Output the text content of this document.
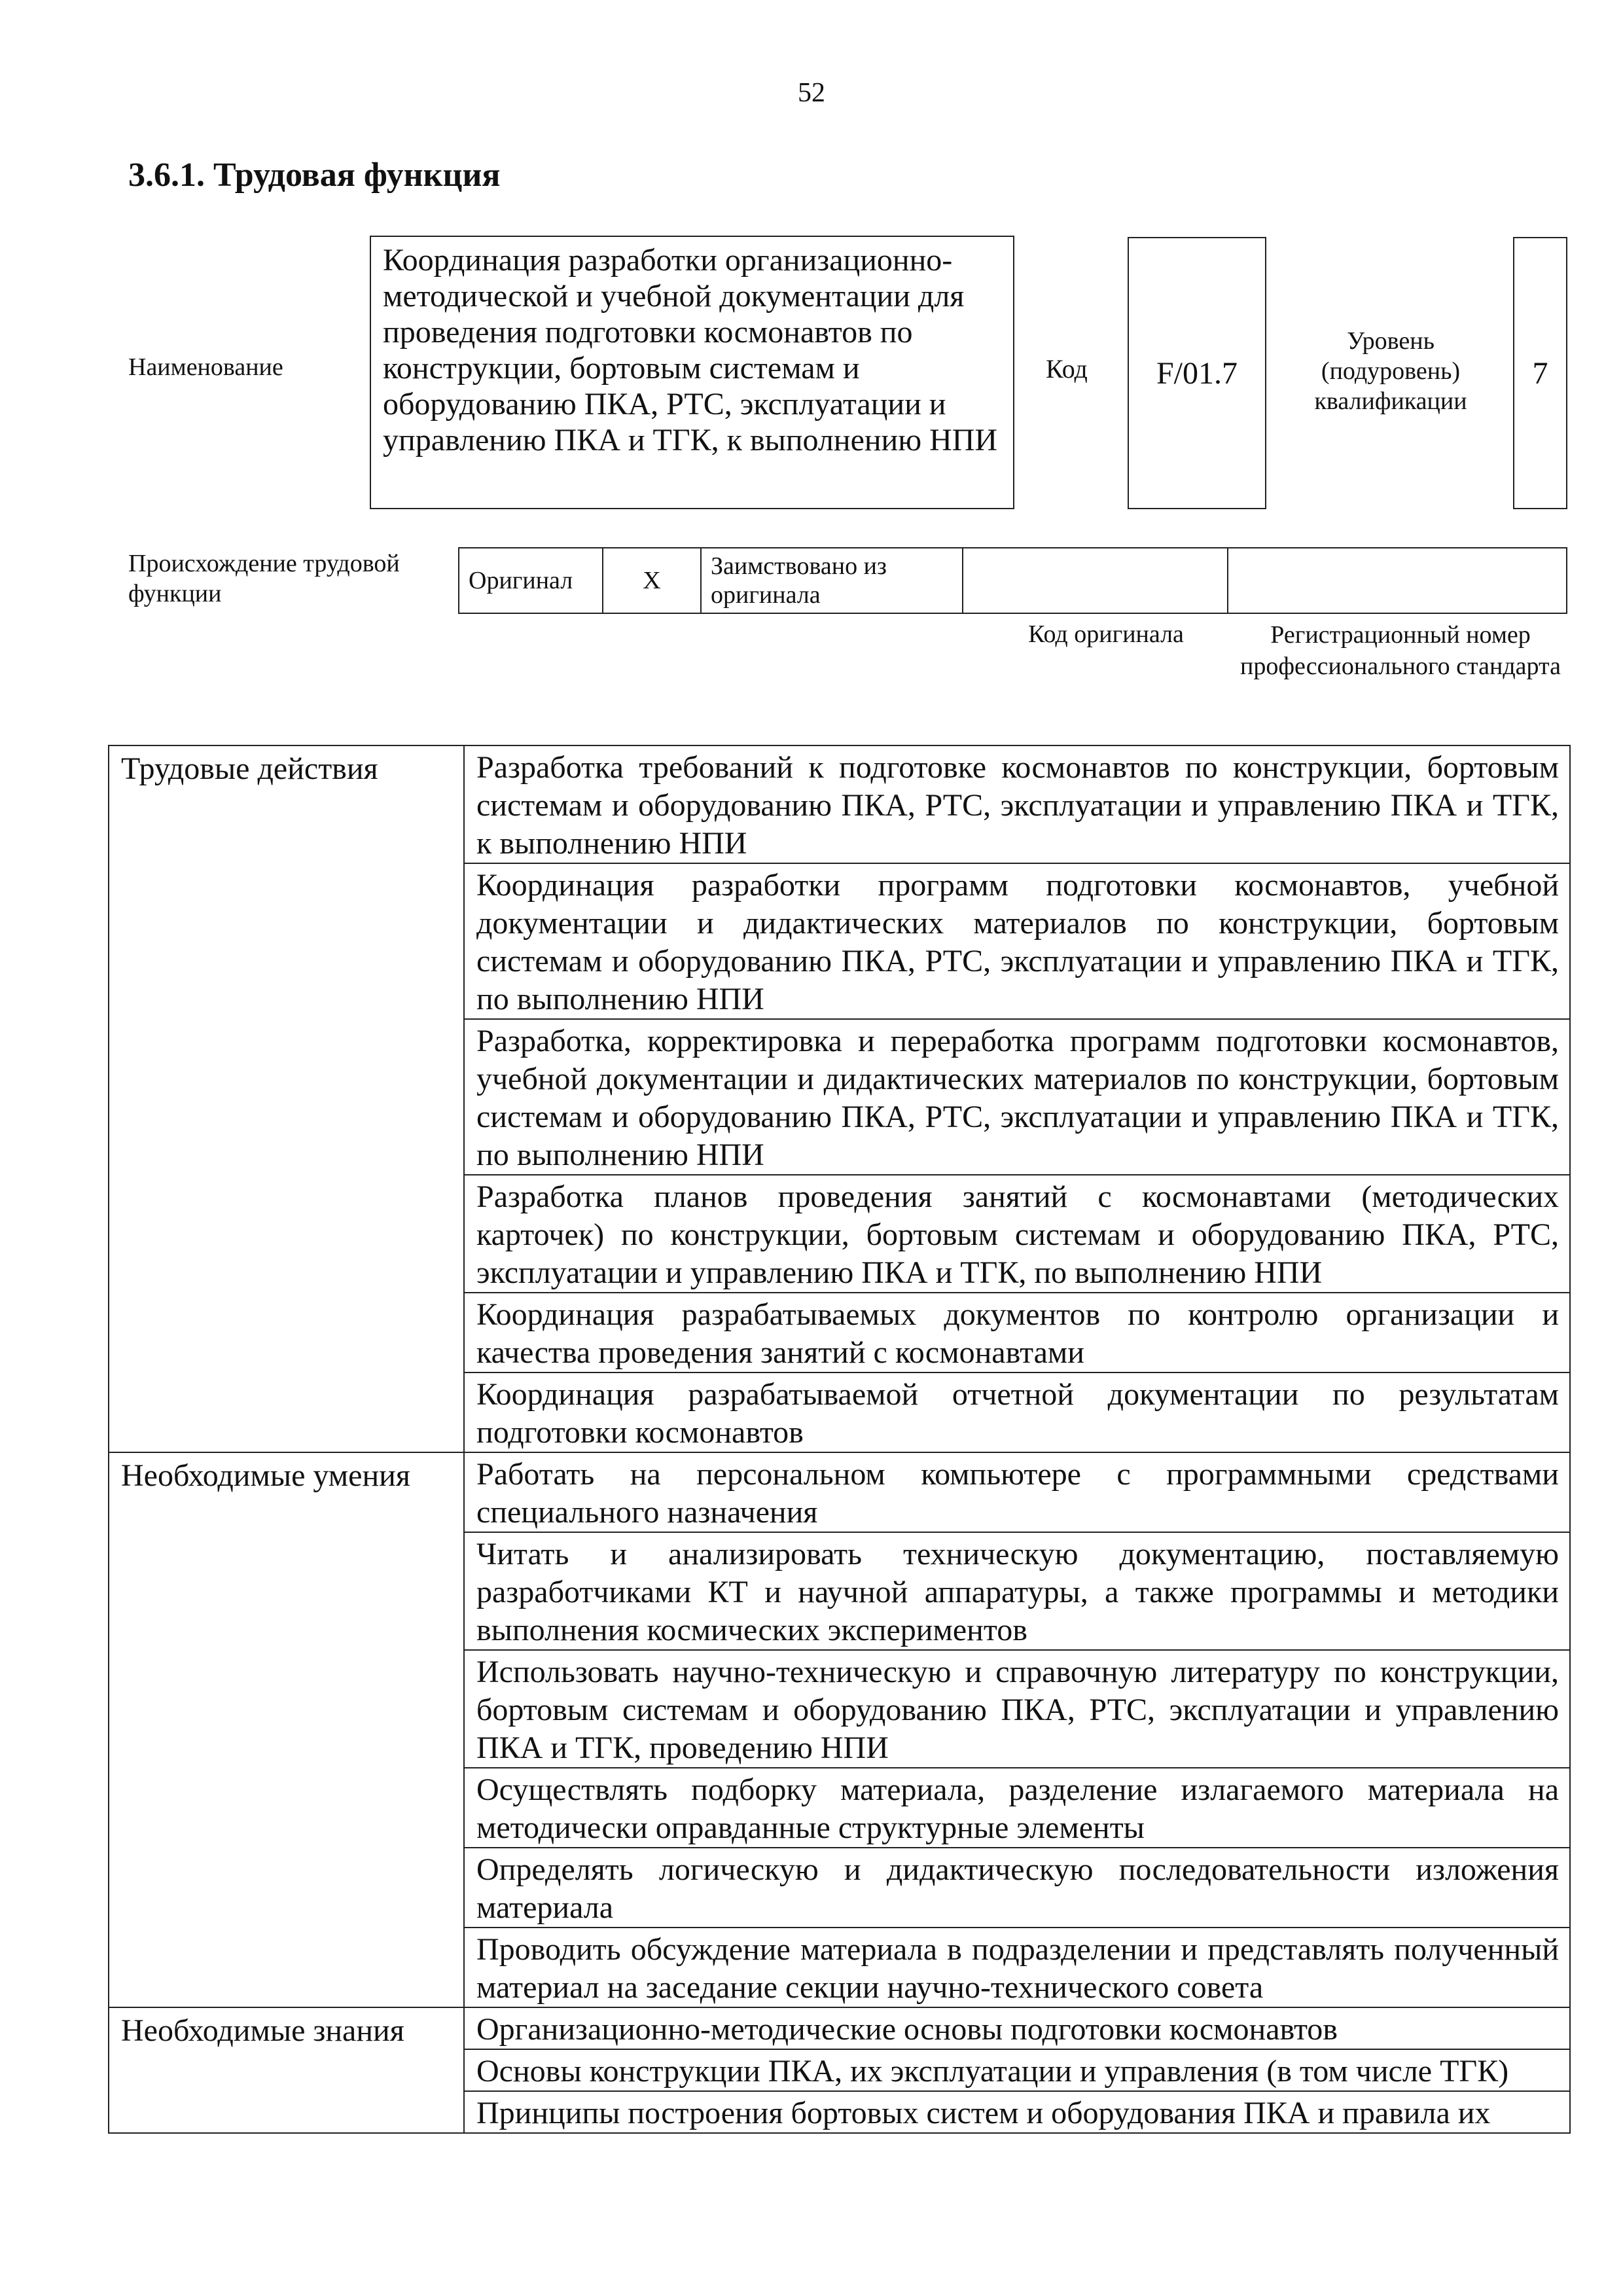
52
3.6.1. Трудовая функция
Наименование
Координация разработки организационно-методической и учебной документации для проведения подготовки космонавтов по конструкции, бортовым системам и оборудованию ПКА, РТС, эксплуатации и управлению ПКА и ТГК, к выполнению НПИ
Код F/01.7
Уровень (подуровень) квалификации
7
Происхождение трудовой функции	Оригинал	X	Заимствовано из оригинала		
Код оригинала	Регистрационный номер профессионального стандарта
Трудовые действия	Разработка требований к подготовке космонавтов по конструкции, бортовым системам и оборудованию ПКА, РТС, эксплуатации и управлению ПКА и ТГК, к выполнению НПИ
	Координация разработки программ подготовки космонавтов, учебной документации и дидактических материалов по конструкции, бортовым системам и оборудованию ПКА, РТС, эксплуатации и управлению ПКА и ТГК, по выполнению НПИ
	Разработка, корректировка и переработка программ подготовки космонавтов, учебной документации и дидактических материалов по конструкции, бортовым системам и оборудованию ПКА, РТС, эксплуатации и управлению ПКА и ТГК, по выполнению НПИ
	Разработка планов проведения занятий с космонавтами (методических карточек) по конструкции, бортовым системам и оборудованию ПКА, РТС, эксплуатации и управлению ПКА и ТГК, по выполнению НПИ
	Координация разрабатываемых документов по контролю организации и качества проведения занятий с космонавтами
	Координация разрабатываемой отчетной документации по результатам подготовки космонавтов
Необходимые умения	Работать на персональном компьютере с программными средствами специального назначения
	Читать и анализировать техническую документацию, поставляемую разработчиками КТ и научной аппаратуры, а также программы и методики выполнения космических экспериментов
	Использовать научно-техническую и справочную литературу по конструкции, бортовым системам и оборудованию ПКА, РТС, эксплуатации и управлению ПКА и ТГК, проведению НПИ
	Осуществлять подборку материала, разделение излагаемого материала на методически оправданные структурные элементы
	Определять логическую и дидактическую последовательности изложения материала
	Проводить обсуждение материала в подразделении и представлять полученный материал на заседание секции научно-технического совета
Необходимые знания	Организационно-методические основы подготовки космонавтов
	Основы конструкции ПКА, их эксплуатации и управления (в том числе ТГК)
	Принципы построения бортовых систем и оборудования ПКА и правила их
